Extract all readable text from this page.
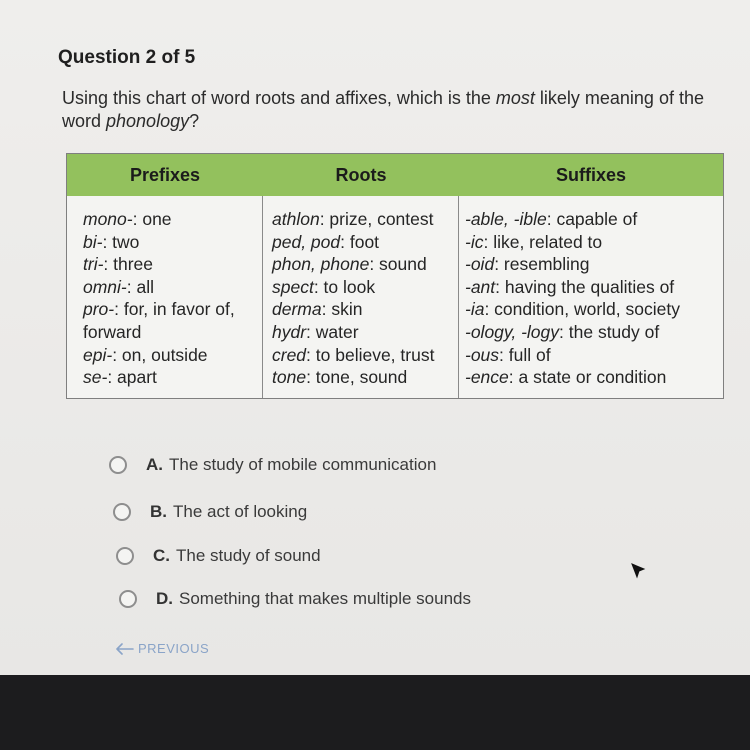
Question 2 of 5
Using this chart of word roots and affixes, which is the most likely meaning of the word phonology?
Prefixes	Roots	Suffixes
mono-: one
bi-: two
tri-: three
omni-: all
pro-: for, in favor of,
forward
epi-: on, outside
se-: apart
athlon: prize, contest
ped, pod: foot
phon, phone: sound
spect: to look
derma: skin
hydr: water
cred: to believe, trust
tone: tone, sound
-able, -ible: capable of
-ic: like, related to
-oid: resembling
-ant: having the qualities of
-ia: condition, world, society
-ology, -logy: the study of
-ous: full of
-ence: a state or condition
A. The study of mobile communication
B. The act of looking
C. The study of sound
D. Something that makes multiple sounds
PREVIOUS
